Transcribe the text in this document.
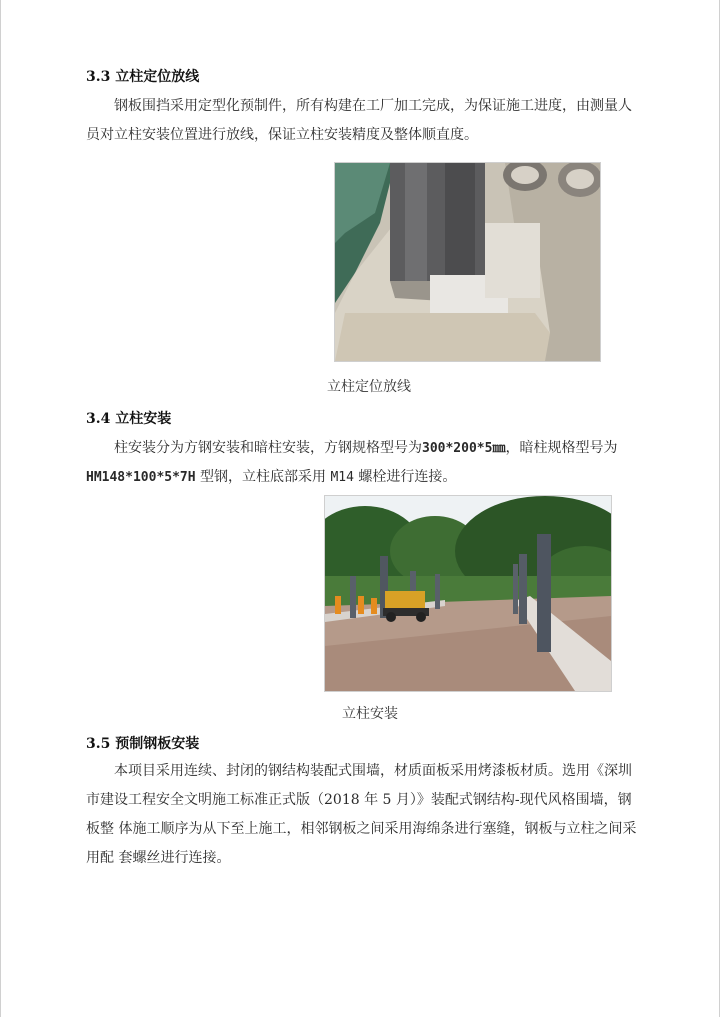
3.3 立柱定位放线
钢板围挡采用定型化预制件，所有构建在工厂加工完成，为保证施工进度，由测量人
员对立柱安装位置进行放线，保证立柱安装精度及整体顺直度。
立柱定位放线
3.4 立柱安装
柱安装分为方钢安装和暗柱安装，方钢规格型号为300*200*5㎜，暗柱规格型号为
HM148*100*5*7H 型钢，立柱底部采用 M14 螺栓进行连接。
立柱安装
3.5 预制钢板安装
本项目采用连续、封闭的钢结构装配式围墙，材质面板采用烤漆板材质。选用《深圳
市建设工程安全文明施工标准正式版（2018 年 5 月）》装配式钢结构-现代风格围墙，钢
板整 体施工顺序为从下至上施工，相邻钢板之间采用海绵条进行塞缝，钢板与立柱之间采
用配 套螺丝进行连接。
